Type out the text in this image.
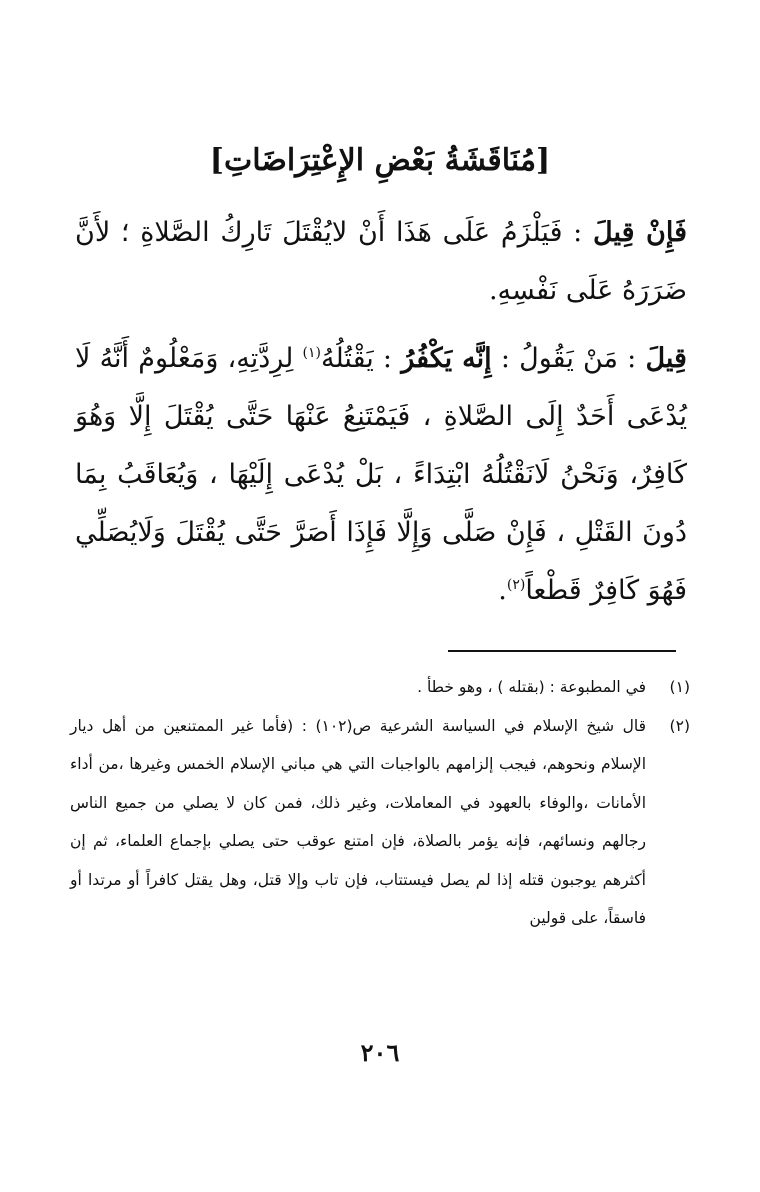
[مُنَاقَشَةُ بَعْضِ الإِعْتِرَاضَاتِ]
فَإِنْ قِيلَ : فَيَلْزَمُ عَلَى هَذَا أَنْ لايُقْتَلَ تَارِكُ الصَّلاةِ ؛ لأَنَّ ضَرَرَهُ عَلَى نَفْسِهِ.
قِيلَ : مَنْ يَقُولُ : إِنَّه يَكْفُرُ : يَقْتُلُهُ$^{(١)}$ لِرِدَّتِهِ، وَمَعْلُومٌ أَنَّهُ لَا يُدْعَى أَحَدٌ إِلَى الصَّلاةِ ، فَيَمْتَنِعُ عَنْهَا حَتَّى يُقْتَلَ إِلَّا وَهُوَ كَافِرٌ، وَنَحْنُ لَانَقْتُلُهُ ابْتِدَاءً ، بَلْ يُدْعَى إِلَيْهَا ، وَيُعَاقَبُ بِمَا دُونَ القَتْلِ ، فَإِنْ صَلَّى وَإِلَّا فَإِذَا أَصَرَّ حَتَّى يُقْتَلَ وَلَايُصَلِّي فَهُوَ كَافِرٌ قَطْعاً$^{(٢)}$.
(١)
في المطبوعة : (بقتله ) ، وهو خطأ .
(٢)
قال شيخ الإسلام في السياسة الشرعية ص(١٠٢) : (فأما غير الممتنعين من أهل ديار الإسلام ونحوهم، فيجب إلزامهم بالواجبات التي هي مباني الإسلام الخمس وغيرها ،من أداء الأمانات ،والوفاء بالعهود في المعاملات، وغير ذلك، فمن كان لا يصلي من جميع الناس رجالهم ونسائهم، فإنه يؤمر بالصلاة، فإن امتنع عوقب حتى يصلي بإجماع العلماء، ثم إن أكثرهم يوجبون قتله إذا لم يصل فيستتاب، فإن تاب وإلا قتل، وهل يقتل كافراً أو مرتدا أو فاسقاً، على قولين
٢٠٦
